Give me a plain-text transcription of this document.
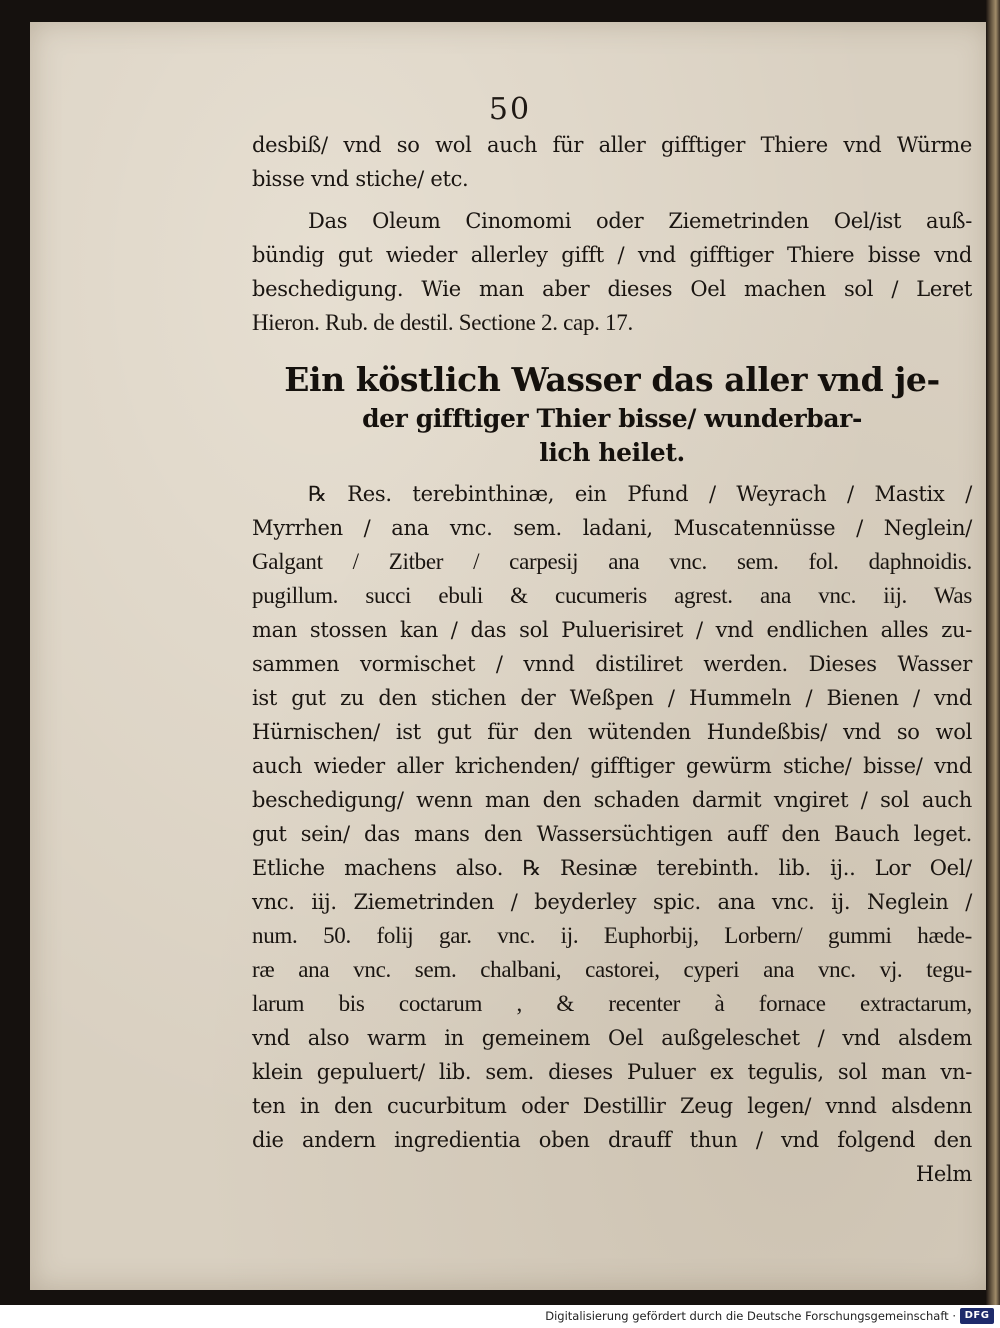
50
desbiß/ vnd so wol auch für aller gifftiger Thiere vnd Würme
bisse vnd stiche/ etc.
Das Oleum Cinomomi oder Ziemetrinden Oel/ist auß-
bündig gut wieder allerley gifft / vnd gifftiger Thiere bisse vnd
beschedigung. Wie man aber dieses Oel machen sol / Leret
Hieron. Rub. de destil. Sectione 2. cap. 17.
Ein köstlich Wasser das aller vnd je-
der gifftiger Thier bisse/ wunderbar-
lich heilet.
℞ Res. terebinthinæ, ein Pfund / Weyrach / Mastix /
Myrrhen / ana vnc. sem. ladani, Muscatennüsse / Neglein/
Galgant / Zitber / carpesij ana vnc. sem. fol. daphnoidis.
pugillum. succi ebuli & cucumeris agrest. ana vnc. iij. Was
man stossen kan / das sol Puluerisiret / vnd endlichen alles zu-
sammen vormischet / vnnd distiliret werden. Dieses Wasser
ist gut zu den stichen der Weßpen / Hummeln / Bienen / vnd
Hürnischen/ ist gut für den wütenden Hundeßbis/ vnd so wol
auch wieder aller krichenden/ gifftiger gewürm stiche/ bisse/ vnd
beschedigung/ wenn man den schaden darmit vngiret / sol auch
gut sein/ das mans den Wassersüchtigen auff den Bauch leget.
Etliche machens also. ℞ Resinæ terebinth. lib. ij.. Lor Oel/
vnc. iij. Ziemetrinden / beyderley spic. ana vnc. ij. Neglein /
num. 50. folij gar. vnc. ij. Euphorbij, Lorbern/ gummi hæde-
ræ ana vnc. sem. chalbani, castorei, cyperi ana vnc. vj. tegu-
larum bis coctarum , & recenter à fornace extractarum,
vnd also warm in gemeinem Oel außgeleschet / vnd alsdem
klein gepuluert/ lib. sem. dieses Puluer ex tegulis, sol man vn-
ten in den cucurbitum oder Destillir Zeug legen/ vnnd alsdenn
die andern ingredientia oben drauff thun / vnd folgend den
Helm
Digitalisierung gefördert durch die Deutsche Forschungsgemeinschaft · DFG
